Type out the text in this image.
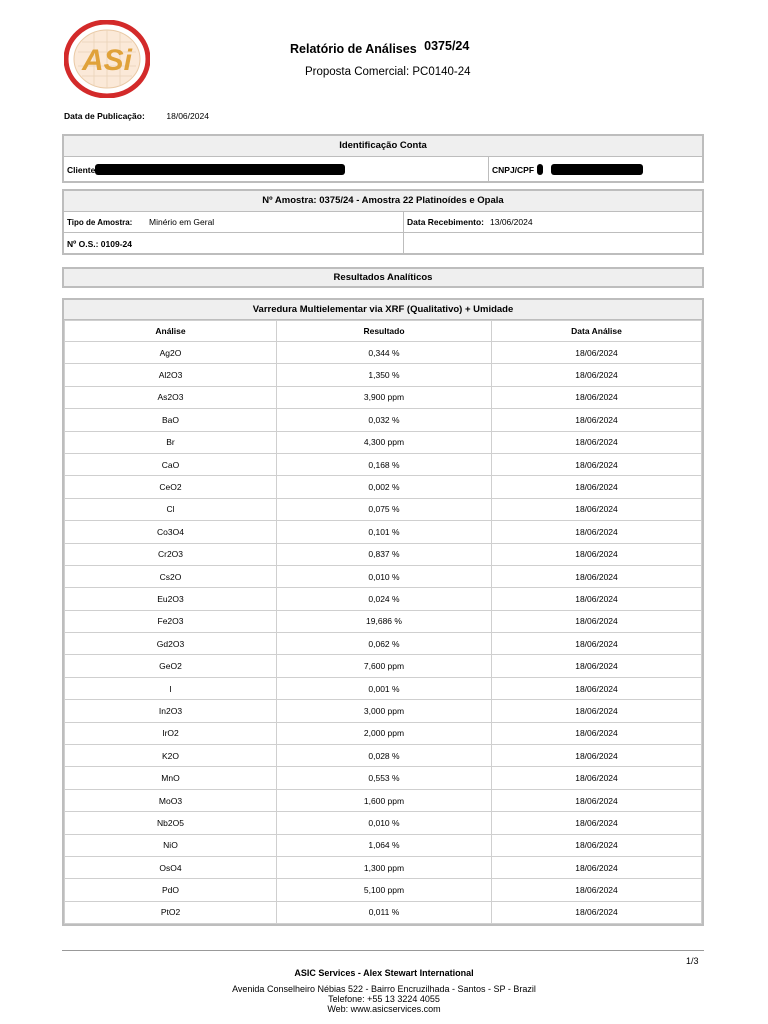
ASi	Relatório de Análises 0375/24
Proposta Comercial: PC0140-24
Data de Publicação:	18/06/2024
Identificação Conta
Cliente	CNPJ/CPF
Nº Amostra: 0375/24 - Amostra 22 Platinoídes e Opala
Tipo de Amostra:	Minério em Geral	Data Recebimento: 13/06/2024
Nº O.S.: 0109-24
Resultados Analíticos
Varredura Multielementar via XRF (Qualitativo) + Umidade
Análise	Resultado	Data Análise
Ag2O	0,344 %	18/06/2024
Al2O3	1,350 %	18/06/2024
As2O3	3,900 ppm	18/06/2024
BaO	0,032 %	18/06/2024
Br	4,300 ppm	18/06/2024
CaO	0,168 %	18/06/2024
CeO2	0,002 %	18/06/2024
Cl	0,075 %	18/06/2024
Co3O4	0,101 %	18/06/2024
Cr2O3	0,837 %	18/06/2024
Cs2O	0,010 %	18/06/2024
Eu2O3	0,024 %	18/06/2024
Fe2O3	19,686 %	18/06/2024
Gd2O3	0,062 %	18/06/2024
GeO2	7,600 ppm	18/06/2024
I	0,001 %	18/06/2024
In2O3	3,000 ppm	18/06/2024
IrO2	2,000 ppm	18/06/2024
K2O	0,028 %	18/06/2024
MnO	0,553 %	18/06/2024
MoO3	1,600 ppm	18/06/2024
Nb2O5	0,010 %	18/06/2024
NiO	1,064 %	18/06/2024
OsO4	1,300 ppm	18/06/2024
PdO	5,100 ppm	18/06/2024
PtO2	0,011 %	18/06/2024
1/3
ASIC Services - Alex Stewart International
Avenida Conselheiro Nébias 522 - Bairro Encruzilhada - Santos - SP - Brazil
Telefone: +55 13 3224 4055
Web: www.asicservices.com
